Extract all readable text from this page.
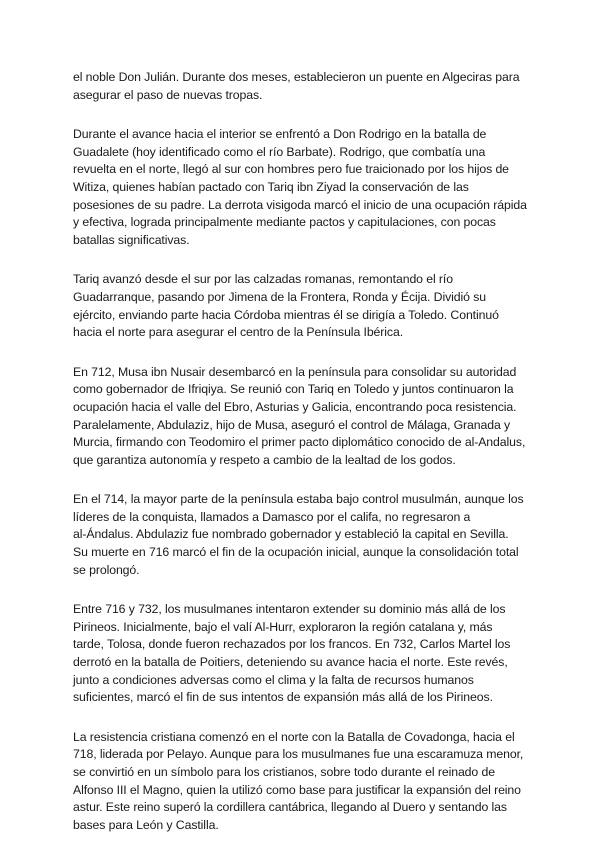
el noble Don Julián. Durante dos meses, establecieron un puente en Algeciras para
asegurar el paso de nuevas tropas.

Durante el avance hacia el interior se enfrentó a Don Rodrigo en la batalla de
Guadalete (hoy identificado como el río Barbate). Rodrigo, que combatía una
revuelta en el norte, llegó al sur con hombres pero fue traicionado por los hijos de
Witiza, quienes habían pactado con Tariq ibn Ziyad la conservación de las
posesiones de su padre. La derrota visigoda marcó el inicio de una ocupación rápida
y efectiva, lograda principalmente mediante pactos y capitulaciones, con pocas
batallas significativas.

Tariq avanzó desde el sur por las calzadas romanas, remontando el río
Guadarranque, pasando por Jimena de la Frontera, Ronda y Écija. Dividió su
ejército, enviando parte hacia Córdoba mientras él se dirigía a Toledo. Continuó
hacia el norte para asegurar el centro de la Península Ibérica.

En 712, Musa ibn Nusair desembarcó en la península para consolidar su autoridad
como gobernador de Ifriqiya. Se reunió con Tariq en Toledo y juntos continuaron la
ocupación hacia el valle del Ebro, Asturias y Galicia, encontrando poca resistencia.
Paralelamente, Abdulaziz, hijo de Musa, aseguró el control de Málaga, Granada y
Murcia, firmando con Teodomiro el primer pacto diplomático conocido de al-Andalus,
que garantiza autonomía y respeto a cambio de la lealtad de los godos.

En el 714, la mayor parte de la península estaba bajo control musulmán, aunque los
líderes de la conquista, llamados a Damasco por el califa, no regresaron a
al-Ándalus. Abdulaziz fue nombrado gobernador y estableció la capital en Sevilla.
Su muerte en 716 marcó el fin de la ocupación inicial, aunque la consolidación total
se prolongó.

Entre 716 y 732, los musulmanes intentaron extender su dominio más allá de los
Pirineos. Inicialmente, bajo el valí Al-Hurr, exploraron la región catalana y, más
tarde, Tolosa, donde fueron rechazados por los francos. En 732, Carlos Martel los
derrotó en la batalla de Poitiers, deteniendo su avance hacia el norte. Este revés,
junto a condiciones adversas como el clima y la falta de recursos humanos
suficientes, marcó el fin de sus intentos de expansión más allá de los Pirineos.

La resistencia cristiana comenzó en el norte con la Batalla de Covadonga, hacia el
718, liderada por Pelayo. Aunque para los musulmanes fue una escaramuza menor,
se convirtió en un símbolo para los cristianos, sobre todo durante el reinado de
Alfonso III el Magno, quien la utilizó como base para justificar la expansión del reino
astur. Este reino superó la cordillera cantábrica, llegando al Duero y sentando las
bases para León y Castilla.
